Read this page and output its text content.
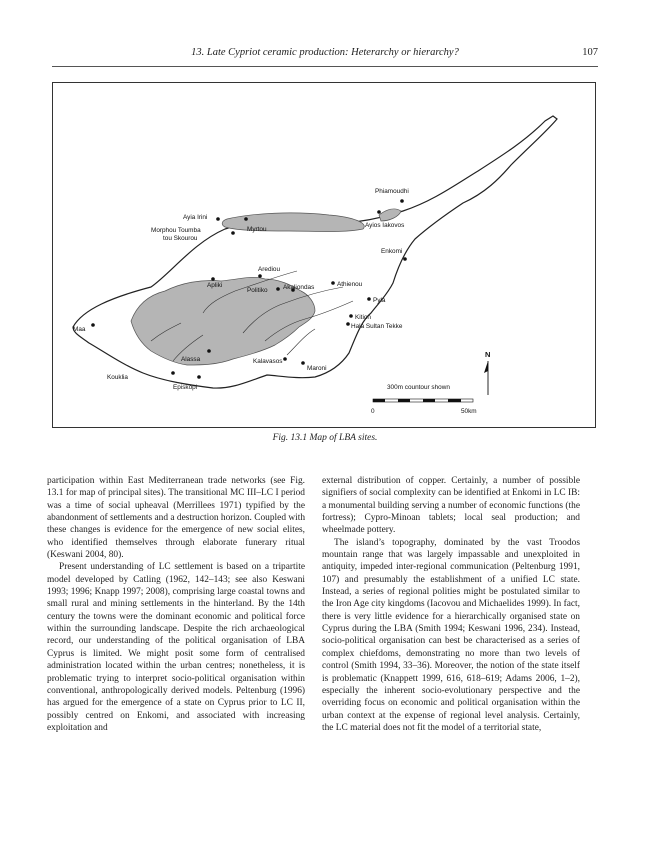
13. Late Cypriot ceramic production: Heterarchy or hierarchy?	107
Phiamoudhi
Ayia Irini
Morphou Toumba
tou Skourou
Myrtou
Ayios Iakovos
Enkomi
Arediou
Apliki
Politiko Akaliondas	Athienou
Pyla
Kition
Hala Sultan Tekke
Maa
Alassa	Kalavasos
Maroni
Kouklia
Episkopi
N
300m countour shown
0	50km
Fig. 13.1 Map of LBA sites.

participation within East Mediterranean trade networks (see Fig. 13.1 for map of principal sites). The transitional MC III–LC I period was a time of social upheaval (Merrillees 1971) typified by the abandonment of settlements and a destruction horizon. Coupled with these changes is evidence for the emergence of new social elites, who identified themselves through elaborate funerary ritual (Keswani 2004, 80).

Present understanding of LC settlement is based on a tripartite model developed by Catling (1962, 142–143; see also Keswani 1993; 1996; Knapp 1997; 2008), comprising large coastal towns and small rural and mining settlements in the hinterland. By the 14th century the towns were the dominant economic and political force within the surrounding landscape. Despite the rich archaeological record, our understanding of the political organisation of LBA Cyprus is limited. We might posit some form of centralised administration located within the urban centres; nonetheless, it is problematic trying to interpret socio-political organisation within conventional, anthropologically derived models. Peltenburg (1996) has argued for the emergence of a state on Cyprus prior to LC II, possibly centred on Enkomi, and associated with increasing exploitation and

external distribution of copper. Certainly, a number of possible signifiers of social complexity can be identified at Enkomi in LC IB: a monumental building serving a number of economic functions (the fortress); Cypro-Minoan tablets; local seal production; and wheelmade pottery.

The island’s topography, dominated by the vast Troodos mountain range that was largely impassable and unexploited in antiquity, impeded inter-regional communication (Peltenburg 1991, 107) and presumably the establishment of a unified LC state. Instead, a series of regional polities might be postulated similar to the Iron Age city kingdoms (Iacovou and Michaelides 1999). In fact, there is very little evidence for a hierarchically organised state on Cyprus during the LBA (Smith 1994; Keswani 1996, 234). Instead, socio-political organisation can best be characterised as a series of complex chiefdoms, demonstrating no more than two levels of control (Smith 1994, 33–36). Moreover, the notion of the state itself is problematic (Knappett 1999, 616, 618–619; Adams 2006, 1–2), especially the inherent socio-evolutionary perspective and the overriding focus on economic and political organisation within the urban context at the expense of regional level analysis. Certainly, the LC material does not fit the model of a territorial state,
